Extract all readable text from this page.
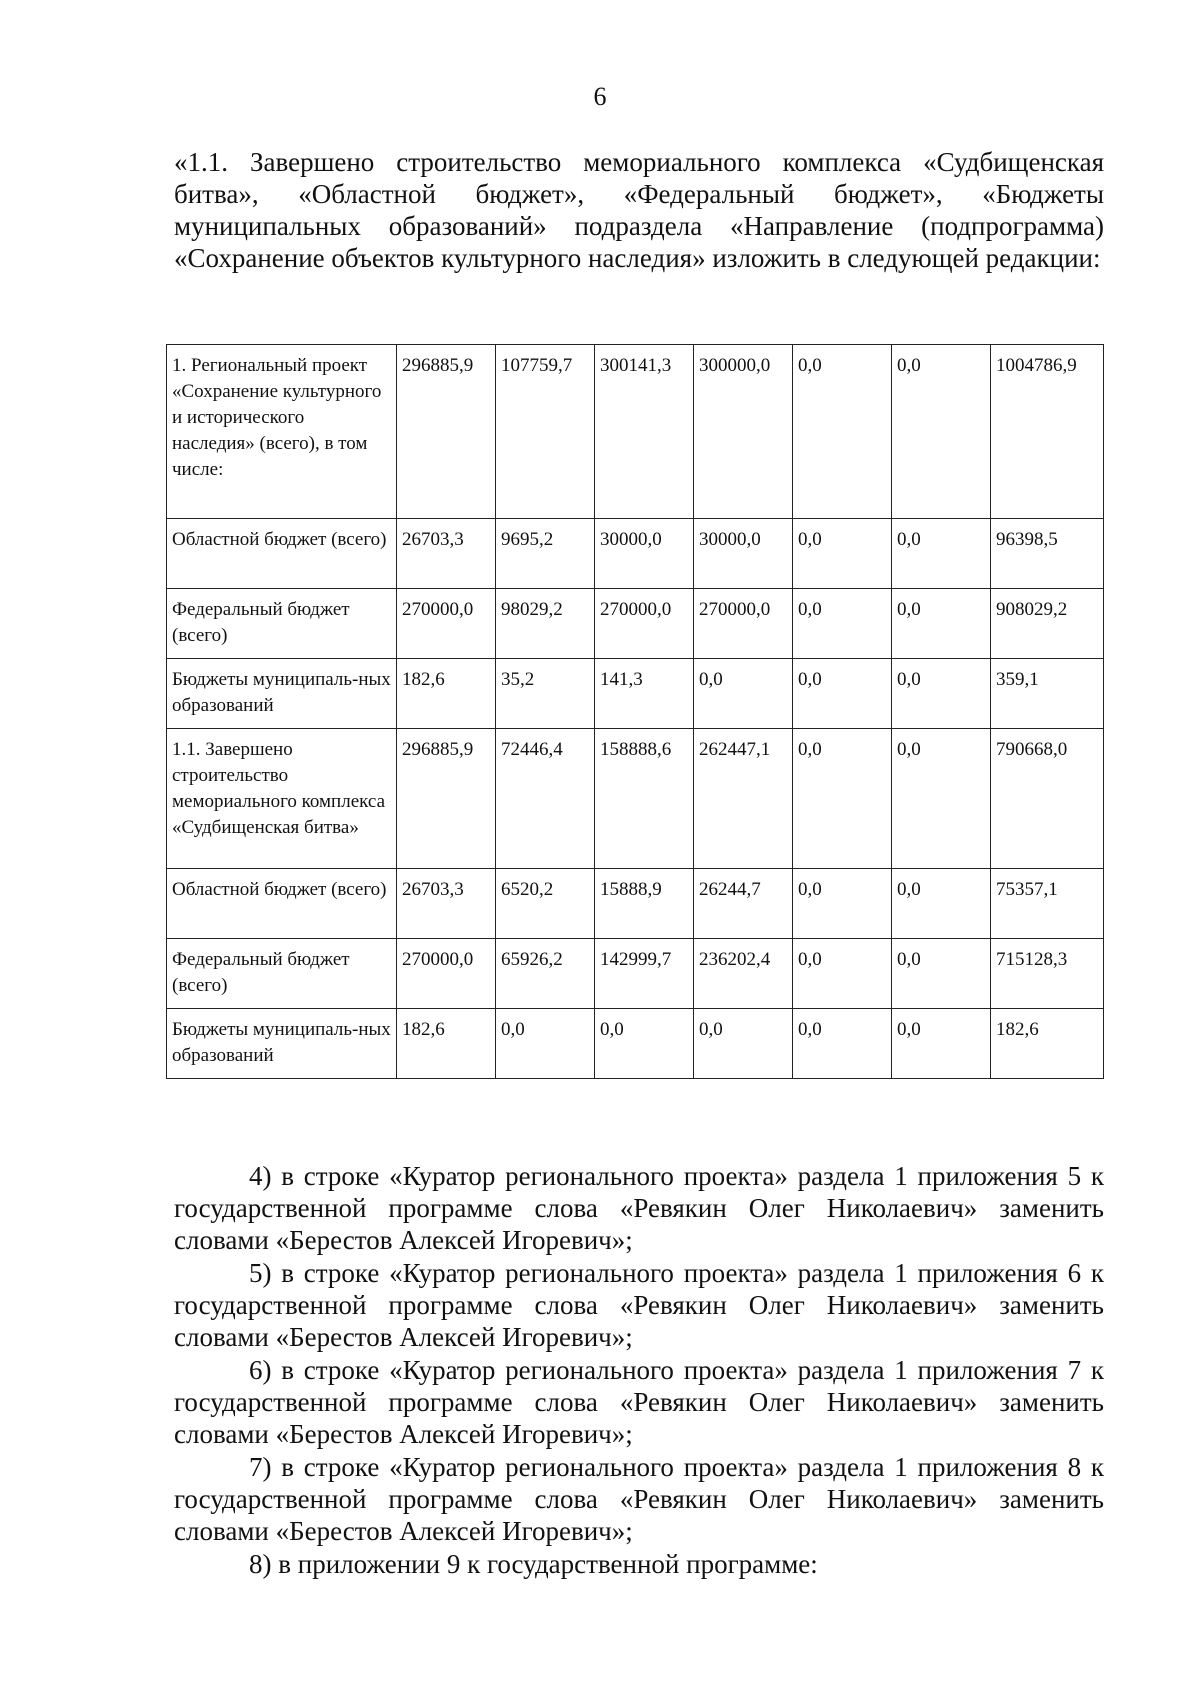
6

«1.1. Завершено строительство мемориального комплекса «Судбищенская битва», «Областной бюджет», «Федеральный бюджет», «Бюджеты муниципальных образований» подраздела «Направление (подпрограмма) «Сохранение объектов культурного наследия» изложить в следующей редакции:

1. Региональный проект «Сохранение культурного и исторического наследия» (всего), в том числе:	296885,9	107759,7	300141,3	300000,0	0,0	0,0	1004786,9
Областной бюджет (всего)	26703,3	9695,2	30000,0	30000,0	0,0	0,0	96398,5
Федеральный бюджет (всего)	270000,0	98029,2	270000,0	270000,0	0,0	0,0	908029,2
Бюджеты муниципаль-ных образований	182,6	35,2	141,3	0,0	0,0	0,0	359,1
1.1. Завершено строительство мемориального комплекса «Судбищенская битва»	296885,9	72446,4	158888,6	262447,1	0,0	0,0	790668,0
Областной бюджет (всего)	26703,3	6520,2	15888,9	26244,7	0,0	0,0	75357,1
Федеральный бюджет (всего)	270000,0	65926,2	142999,7	236202,4	0,0	0,0	715128,3
Бюджеты муниципаль-ных образований	182,6	0,0	0,0	0,0	0,0	0,0	182,6

4) в строке «Куратор регионального проекта» раздела 1 приложения 5 к государственной программе слова «Ревякин Олег Николаевич» заменить словами «Берестов Алексей Игоревич»;

5) в строке «Куратор регионального проекта» раздела 1 приложения 6 к государственной программе слова «Ревякин Олег Николаевич» заменить словами «Берестов Алексей Игоревич»;

6) в строке «Куратор регионального проекта» раздела 1 приложения 7 к государственной программе слова «Ревякин Олег Николаевич» заменить словами «Берестов Алексей Игоревич»;

7) в строке «Куратор регионального проекта» раздела 1 приложения 8 к государственной программе слова «Ревякин Олег Николаевич» заменить словами «Берестов Алексей Игоревич»;

8) в приложении 9 к государственной программе:
